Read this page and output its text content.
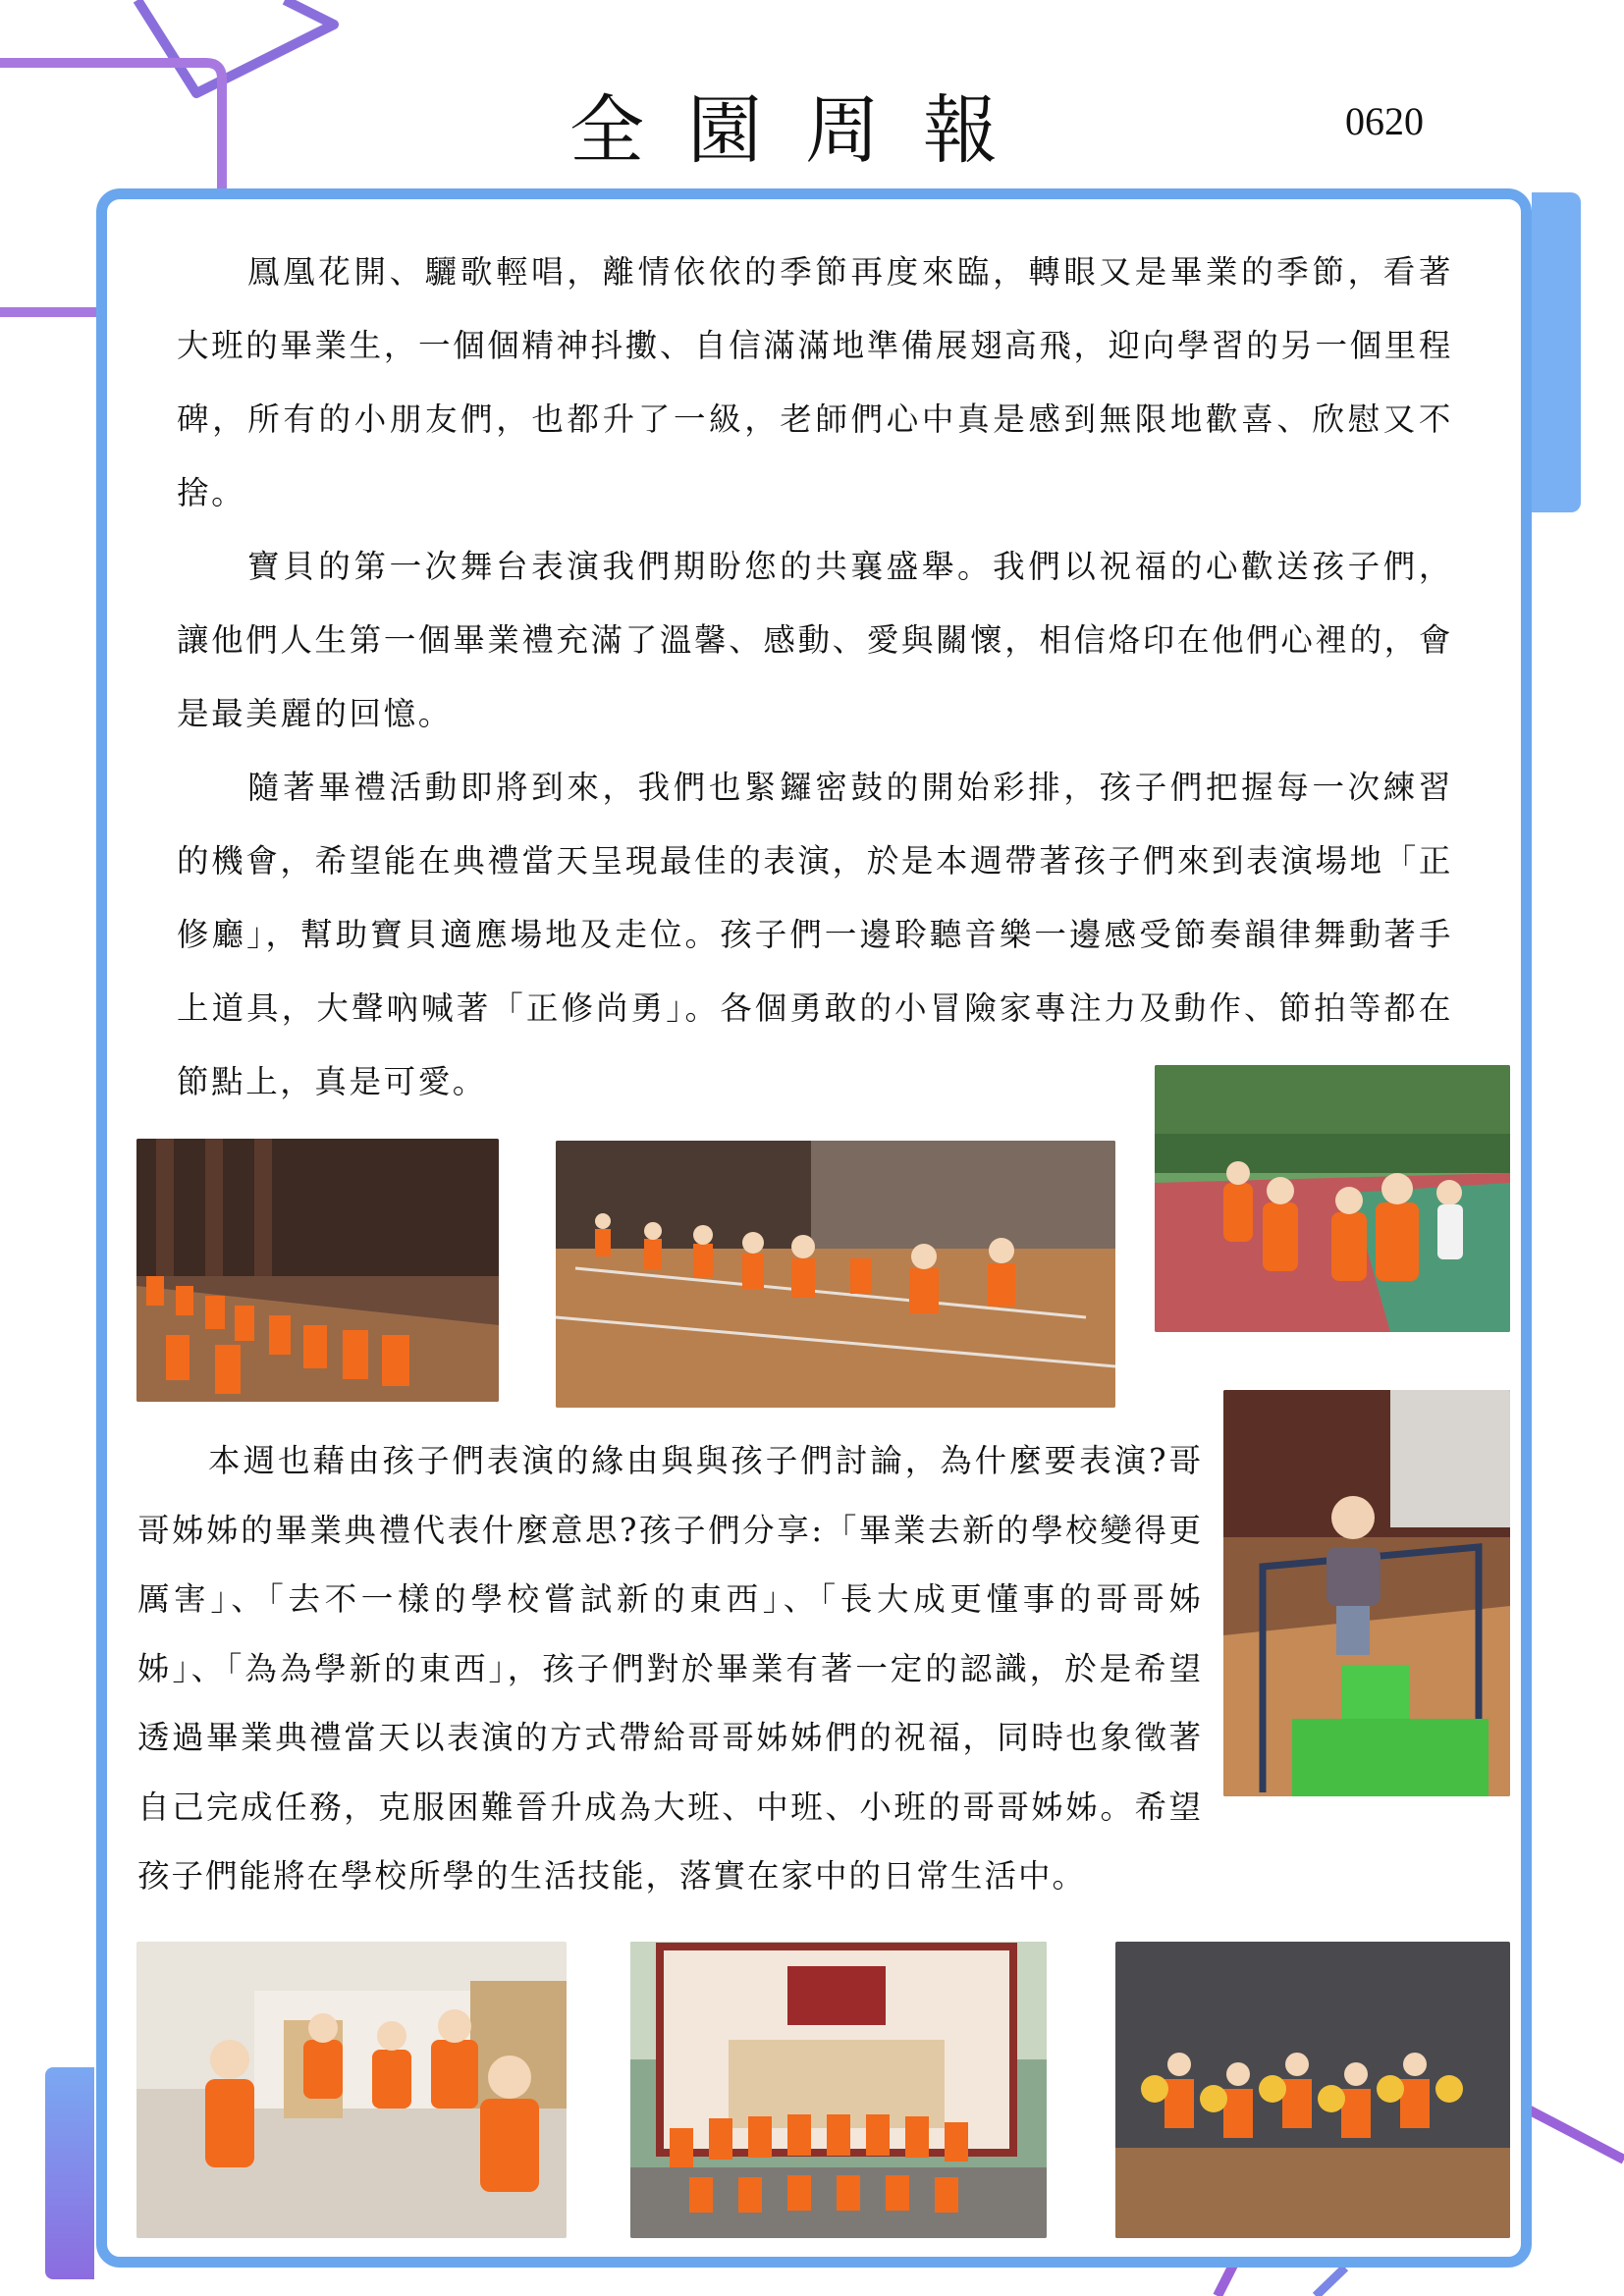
全園周報	0620

鳳凰花開、驪歌輕唱，離情依依的季節再度來臨，轉眼又是畢業的季節，看著大班的畢業生，一個個精神抖擻、自信滿滿地準備展翅高飛，迎向學習的另一個里程碑，所有的小朋友們，也都升了一級，老師們心中真是感到無限地歡喜、欣慰又不捨。

寶貝的第一次舞台表演我們期盼您的共襄盛舉。我們以祝福的心歡送孩子們，讓他們人生第一個畢業禮充滿了溫馨、感動、愛與關懷，相信烙印在他們心裡的，會是最美麗的回憶。

隨著畢禮活動即將到來，我們也緊鑼密鼓的開始彩排，孩子們把握每一次練習的機會，希望能在典禮當天呈現最佳的表演，於是本週帶著孩子們來到表演場地「正修廳」，幫助寶貝適應場地及走位。孩子們一邊聆聽音樂一邊感受節奏韻律舞動著手上道具，大聲吶喊著「正修尚勇」。各個勇敢的小冒險家專注力及動作、節拍等都在節點上，真是可愛。

本週也藉由孩子們表演的緣由與與孩子們討論，為什麼要表演?哥哥姊姊的畢業典禮代表什麼意思?孩子們分享:「畢業去新的學校變得更厲害」、「去不一樣的學校嘗試新的東西」、「長大成更懂事的哥哥姊姊」、「為為學新的東西」，孩子們對於畢業有著一定的認識，於是希望透過畢業典禮當天以表演的方式帶給哥哥姊姊們的祝福，同時也象徵著自己完成任務，克服困難晉升成為大班、中班、小班的哥哥姊姊。希望孩子們能將在學校所學的生活技能，落實在家中的日常生活中。
